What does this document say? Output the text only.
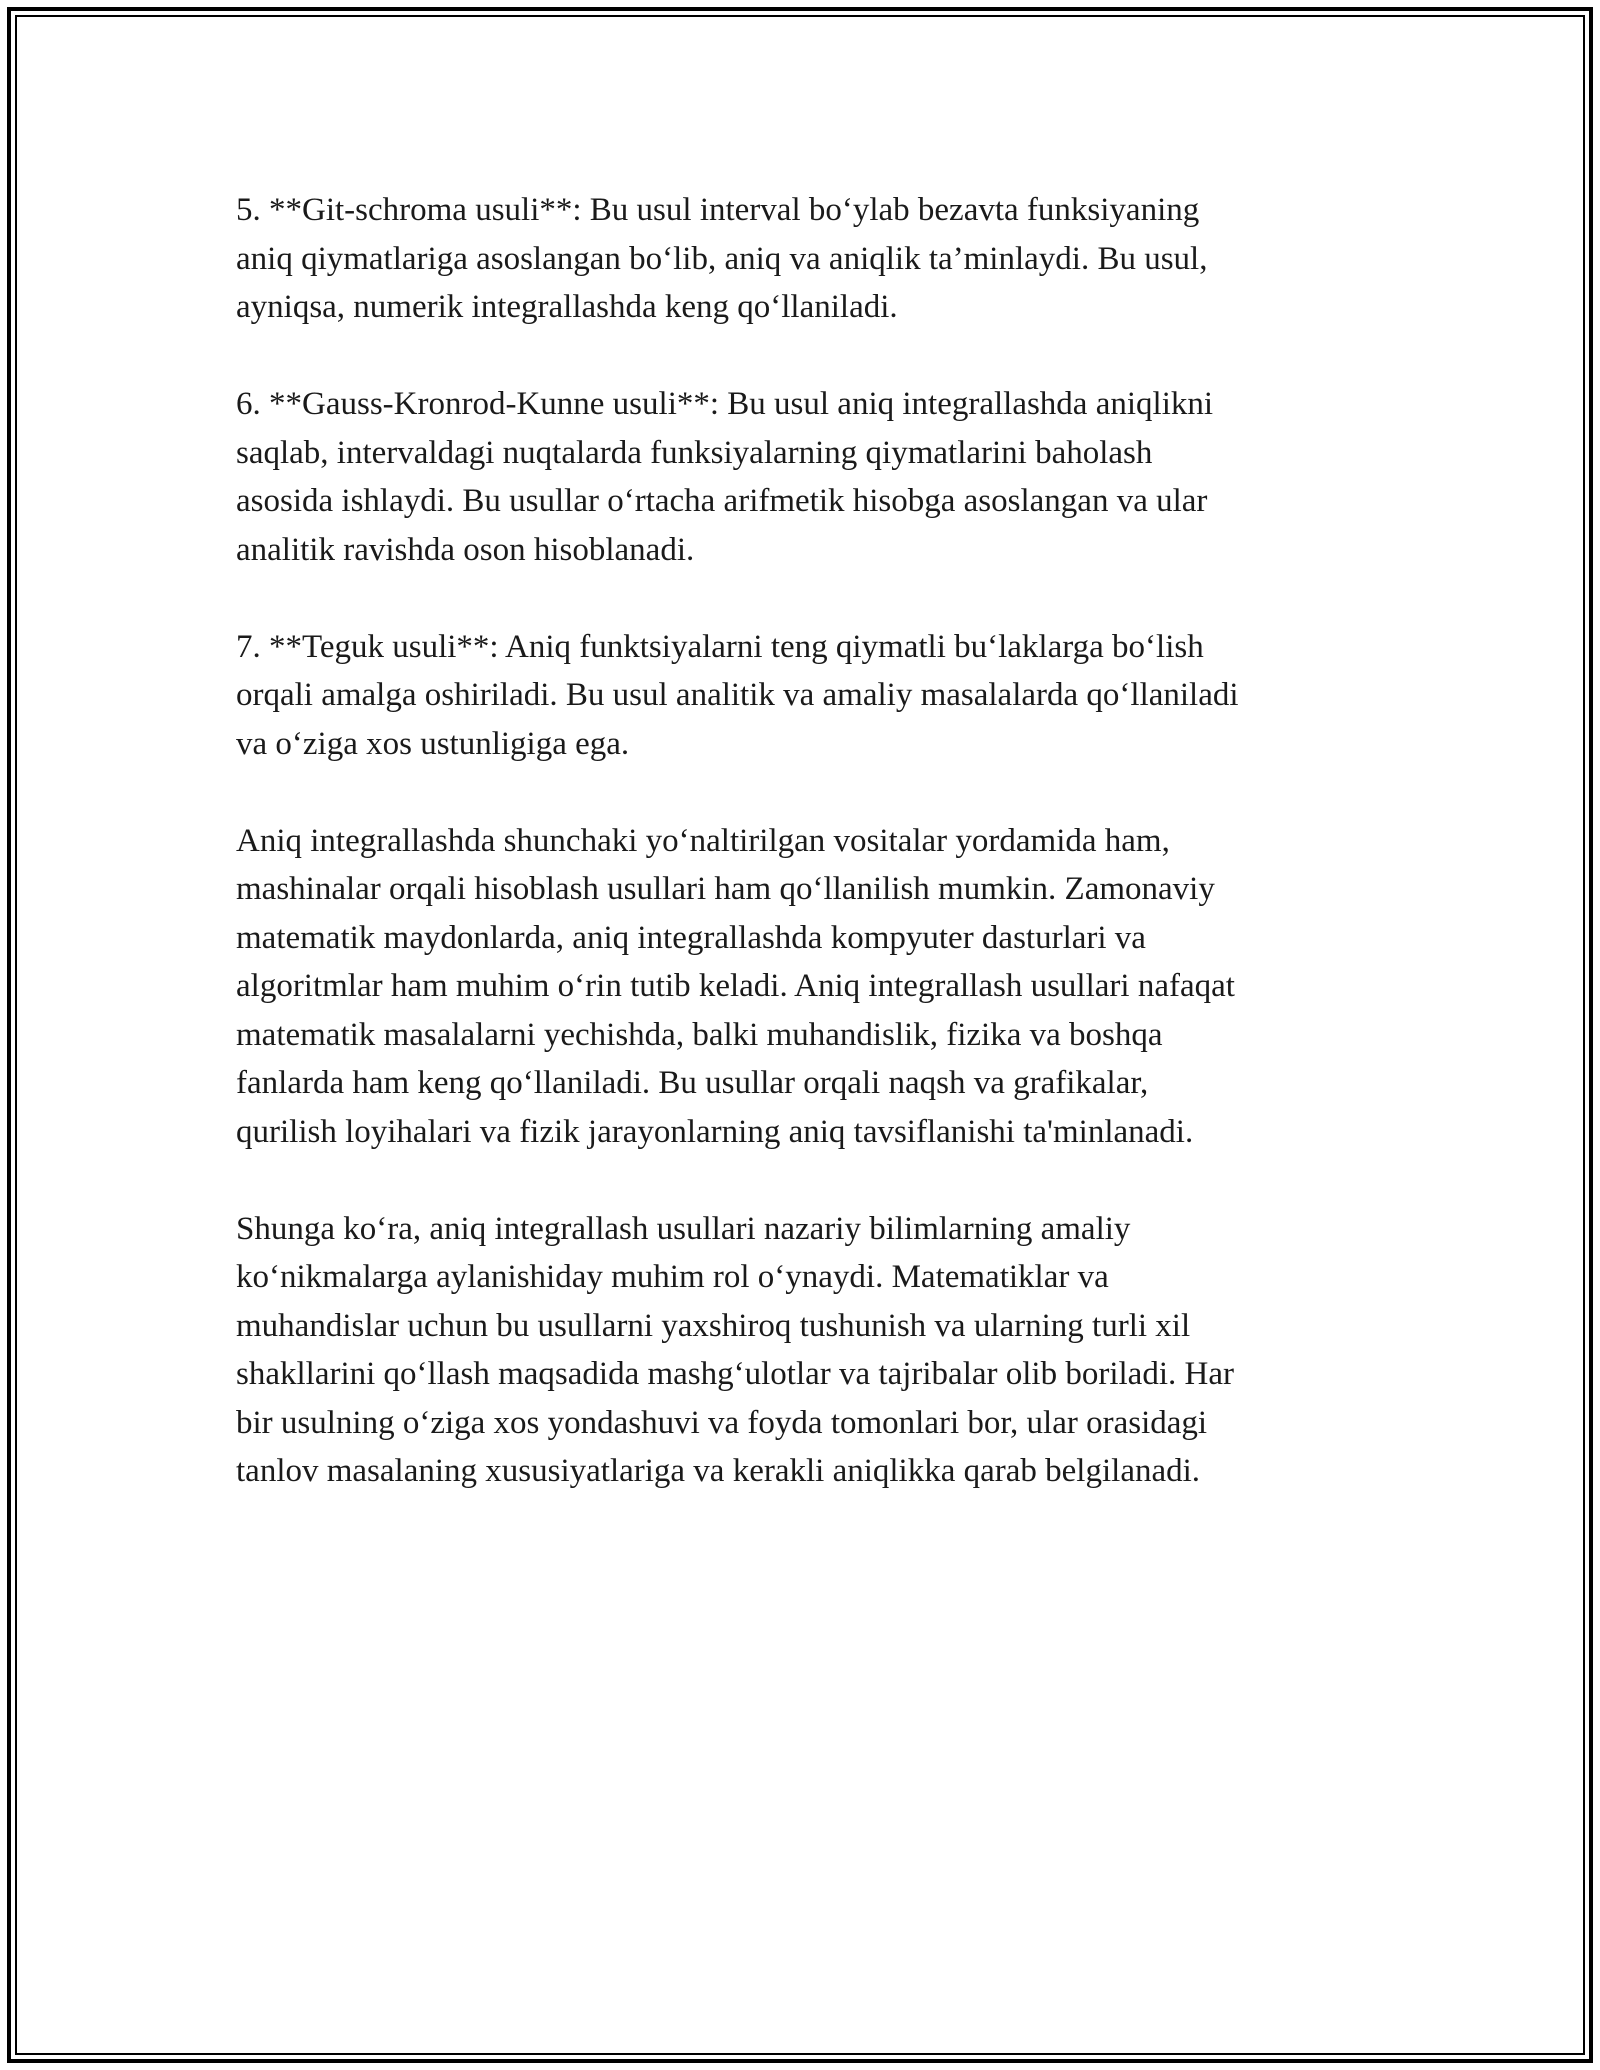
5. **Git-schroma usuli**: Bu usul interval bo‘ylab bezavta funksiyaning
aniq qiymatlariga asoslangan bo‘lib, aniq va aniqlik ta’minlaydi. Bu usul,
ayniqsa, numerik integrallashda keng qo‘llaniladi.

6. **Gauss-Kronrod-Kunne usuli**: Bu usul aniq integrallashda aniqlikni
saqlab, intervaldagi nuqtalarda funksiyalarning qiymatlarini baholash
asosida ishlaydi. Bu usullar o‘rtacha arifmetik hisobga asoslangan va ular
analitik ravishda oson hisoblanadi.

7. **Teguk usuli**: Aniq funktsiyalarni teng qiymatli bu‘laklarga bo‘lish
orqali amalga oshiriladi. Bu usul analitik va amaliy masalalarda qo‘llaniladi
va o‘ziga xos ustunligiga ega.

Aniq integrallashda shunchaki yo‘naltirilgan vositalar yordamida ham,
mashinalar orqali hisoblash usullari ham qo‘llanilish mumkin. Zamonaviy
matematik maydonlarda, aniq integrallashda kompyuter dasturlari va
algoritmlar ham muhim o‘rin tutib keladi. Aniq integrallash usullari nafaqat
matematik masalalarni yechishda, balki muhandislik, fizika va boshqa
fanlarda ham keng qo‘llaniladi. Bu usullar orqali naqsh va grafikalar,
qurilish loyihalari va fizik jarayonlarning aniq tavsiflanishi ta'minlanadi.

Shunga ko‘ra, aniq integrallash usullari nazariy bilimlarning amaliy
ko‘nikmalarga aylanishiday muhim rol o‘ynaydi. Matematiklar va
muhandislar uchun bu usullarni yaxshiroq tushunish va ularning turli xil
shakllarini qo‘llash maqsadida mashg‘ulotlar va tajribalar olib boriladi. Har
bir usulning o‘ziga xos yondashuvi va foyda tomonlari bor, ular orasidagi
tanlov masalaning xususiyatlariga va kerakli aniqlikka qarab belgilanadi.
